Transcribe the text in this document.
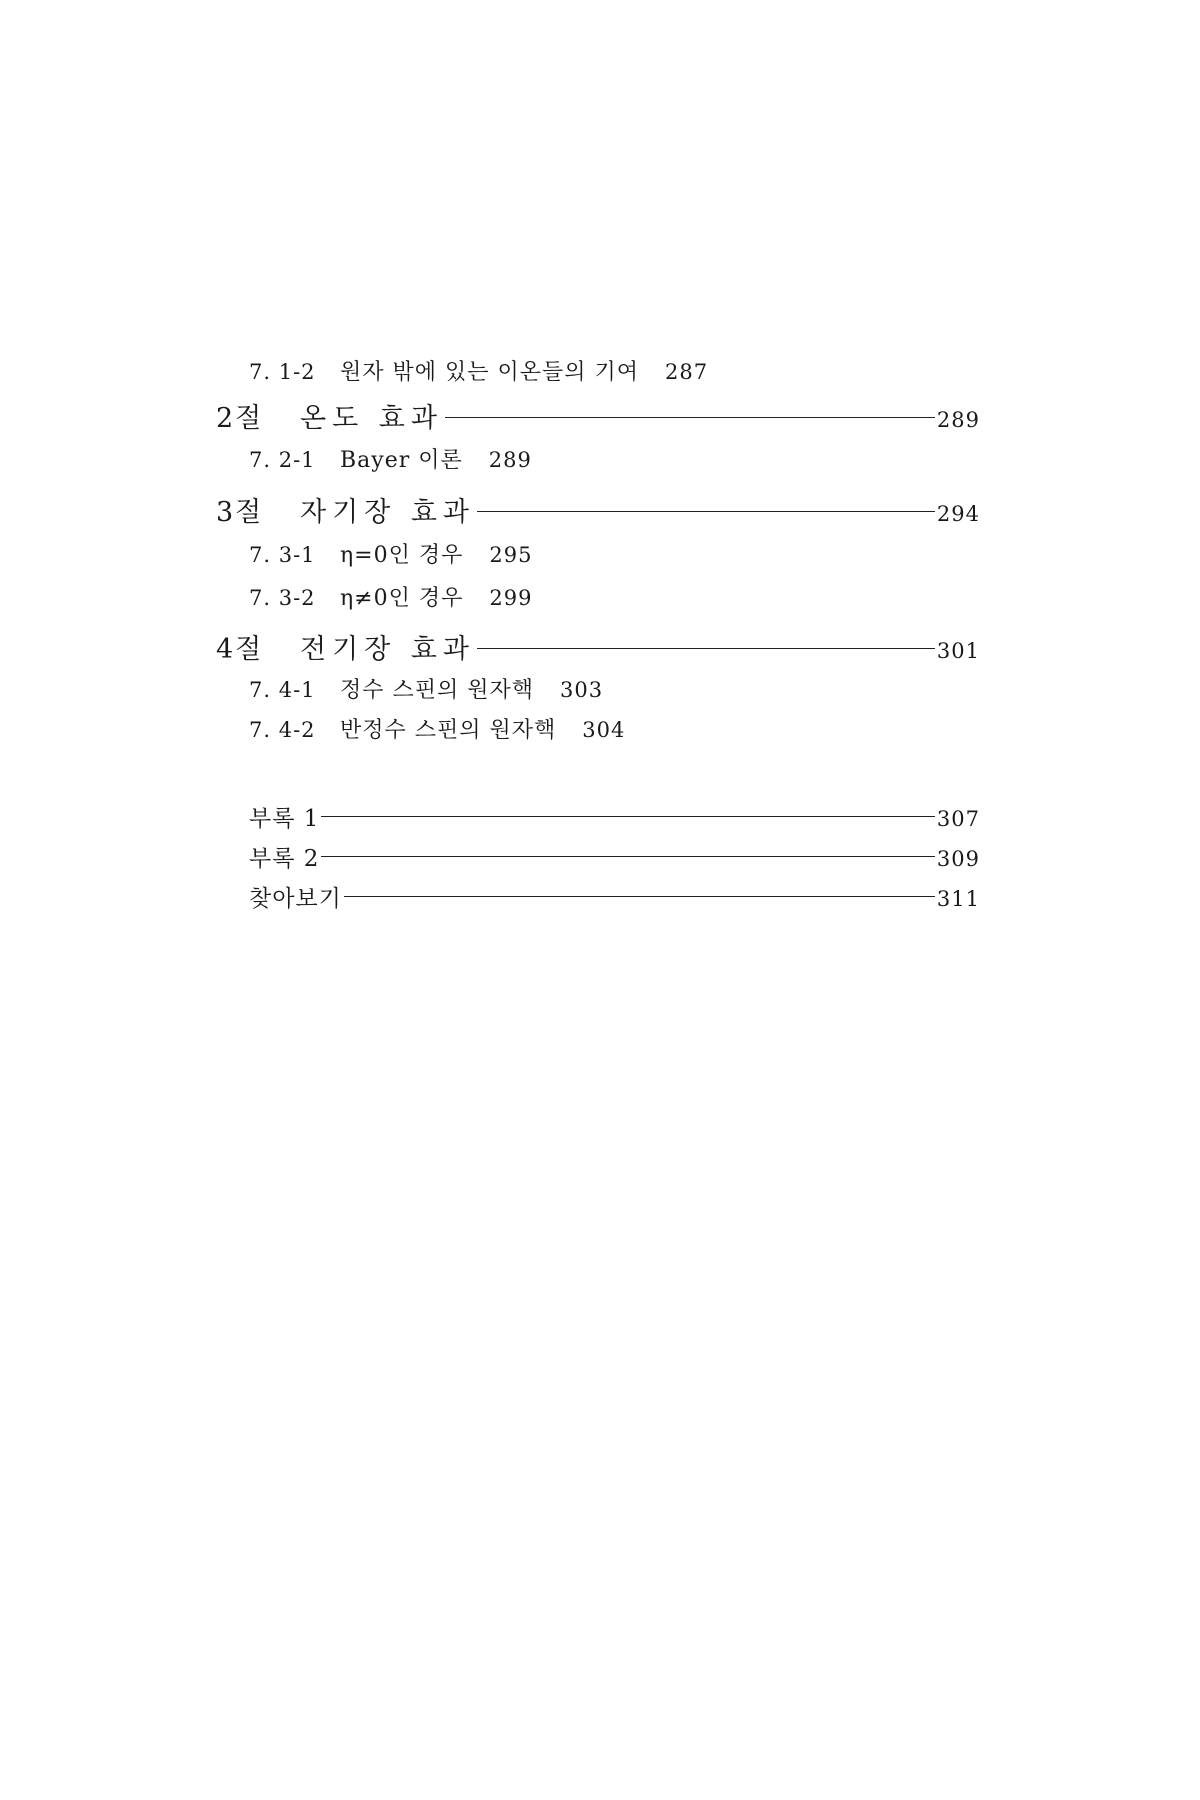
7. 1-2	원자 밖에 있는 이온들의 기여 287
2절	온도 효과	289
7. 2-1	Bayer 이론 289
3절	자기장 효과	294
7. 3-1	η=0인 경우 295
7. 3-2	η≠0인 경우 299
4절	전기장 효과	301
7. 4-1	정수 스핀의 원자핵 303
7. 4-2	반정수 스핀의 원자핵 304
부록 1	307
부록 2	309
찾아보기	311
